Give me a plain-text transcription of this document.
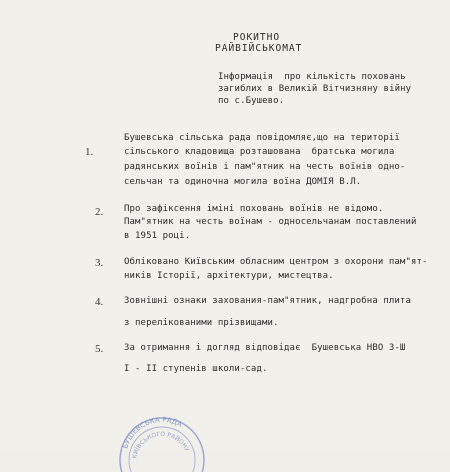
РОКИТНО
РАЙВІЙСЬКОМАТ
Інформація  про кількість поховань
загиблих в Великій Вітчизняну війну
по с.Бушево.
1.
Бушевська сільська рада повідомляє,що на території
сільського кладовища розташована  братська могила
радянських воїнів і пам"ятник на честь воїнів одно-
сельчан та одиночна могила воїна ДОМІЯ В.Л.
2. Про зафіксення іміні поховань воїнів не відомо.
Пам"ятник на честь воїнам - односельчанам поставлений
в 1951 році.
3. Обліковано Київським обласним центром з охорони пам"ят-
ників Історії, архітектури, мистецтва.
4. Зовнішні ознаки захования-пам"ятник, надгробна плита
з перелікованими прізвищами.
5. За отримання і догляд відповідає  Бушевська НВО З-Ш
І - ІІ ступенів школи-сад.
БУШЕВСЬКА РАДА
КИЇВСЬКОГО РАЙОНУ
